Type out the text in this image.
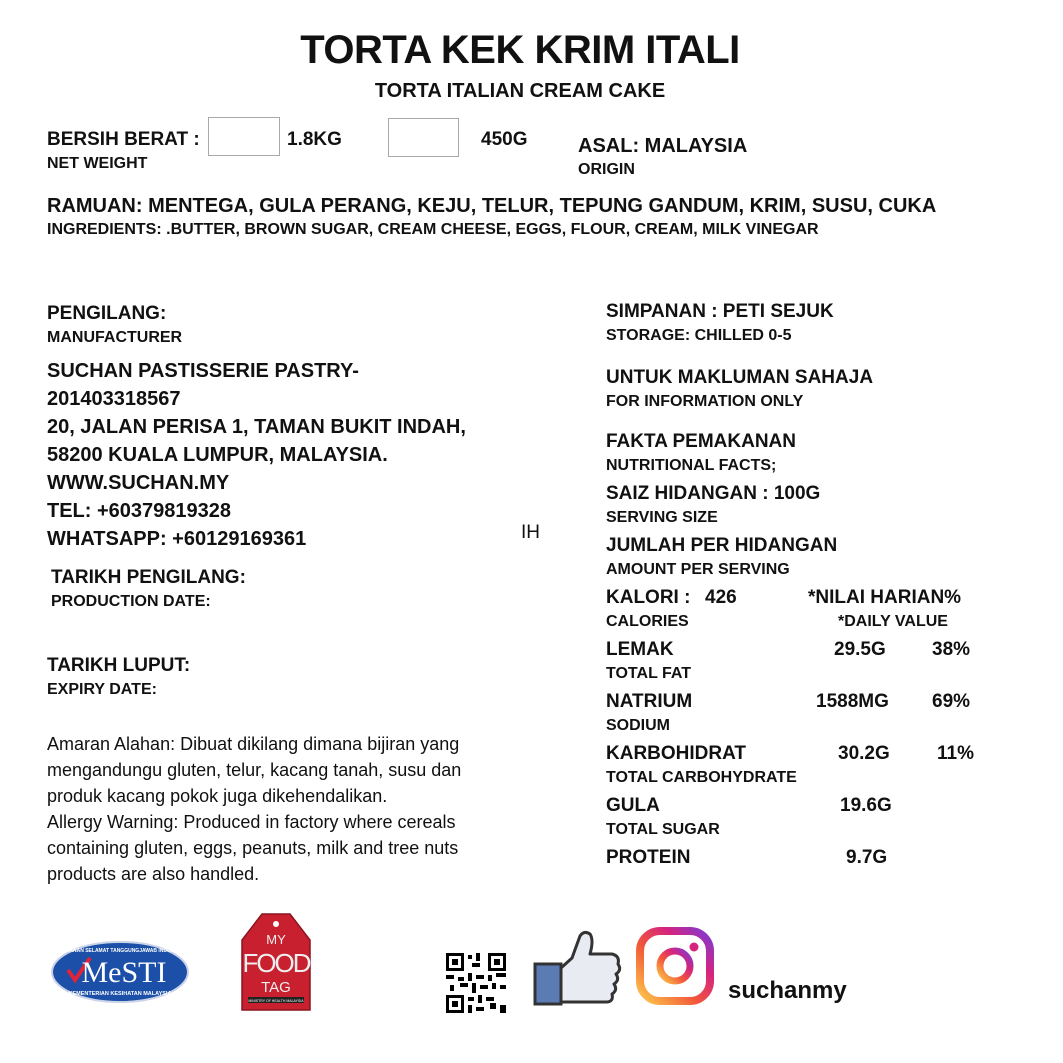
TORTA KEK KRIM ITALI
TORTA ITALIAN CREAM CAKE
BERSIH BERAT :
NET WEIGHT
1.8KG	450G	ASAL: MALAYSIA
ORIGIN
RAMUAN: MENTEGA, GULA PERANG, KEJU, TELUR, TEPUNG GANDUM, KRIM, SUSU, CUKA
INGREDIENTS: .BUTTER, BROWN SUGAR, CREAM CHEESE, EGGS, FLOUR, CREAM, MILK VINEGAR
PENGILANG:
MANUFACTURER
SUCHAN PASTISSERIE PASTRY-
201403318567
20, JALAN PERISA 1, TAMAN BUKIT INDAH,
58200 KUALA LUMPUR, MALAYSIA.
WWW.SUCHAN.MY
TEL: +60379819328
WHATSAPP: +60129169361	IH
TARIKH PENGILANG:
PRODUCTION DATE:
TARIKH LUPUT:
EXPIRY DATE:
Amaran Alahan: Dibuat dikilang dimana bijiran yang
mengandungu gluten, telur, kacang tanah, susu dan
produk kacang pokok juga dikehendalikan.
Allergy Warning: Produced in factory where cereals
containing gluten, eggs, peanuts, milk and tree nuts
products are also handled.
SIMPANAN : PETI SEJUK
STORAGE: CHILLED 0-5
UNTUK MAKLUMAN SAHAJA
FOR INFORMATION ONLY
FAKTA PEMAKANAN
NUTRITIONAL FACTS;
SAIZ HIDANGAN : 100G
SERVING SIZE
JUMLAH PER HIDANGAN
AMOUNT PER SERVING
KALORI : 426	*NILAI HARIAN%
CALORIES	*DAILY VALUE
LEMAK	29.5G 38%
TOTAL FAT
NATRIUM	1588MG 69%
SODIUM
KARBOHIDRAT	30.2G 11%
TOTAL CARBOHYDRATE
GULA	19.6G
TOTAL SUGAR
PROTEIN	9.7G
MeSTI
MAKANAN SELAMAT TANGGUNGJAWAB INDUSTRI
KEMENTERIAN KESIHATAN MALAYSIA
MY
FOOD
TAG
MINISTRY OF HEALTH MALAYSIA	suchanmy
